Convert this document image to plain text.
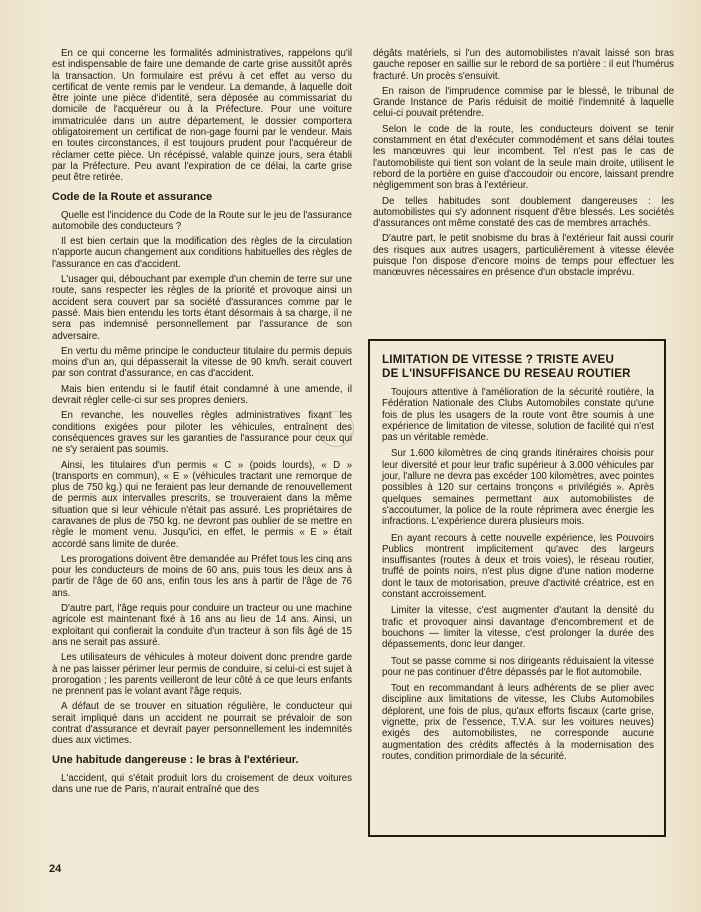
En ce qui concerne les formalités administratives, rappelons qu'il est indispensable de faire une demande de carte grise aussitôt après la transaction. Un formulaire est prévu à cet effet au verso du certificat de vente remis par le vendeur. La demande, à laquelle doit être jointe une pièce d'identité, sera déposée au commissariat du domicile de l'acquéreur ou à la Préfecture. Pour une voiture immatriculée dans un autre département, le dossier comportera obligatoirement un certificat de non-gage fourni par le vendeur. Mais en toutes circonstances, il est toujours prudent pour l'acquéreur de réclamer cette pièce. Un récépissé, valable quinze jours, sera établi par la Préfecture. Peu avant l'expiration de ce délai, la carte grise peut être retirée.

Code de la Route et assurance

Quelle est l'incidence du Code de la Route sur le jeu de l'assurance automobile des conducteurs ?

Il est bien certain que la modification des règles de la circulation n'apporte aucun changement aux conditions habituelles des règles de l'assurance en cas d'accident.

L'usager qui, débouchant par exemple d'un chemin de terre sur une route, sans respecter les règles de la priorité et provoque ainsi un accident sera couvert par sa société d'assurances comme par le passé. Mais bien entendu les torts étant désormais à sa charge, il ne sera pas indemnisé personnellement par l'assurance de son adversaire.

En vertu du même principe le conducteur titulaire du permis depuis moins d'un an, qui dépasserait la vitesse de 90 km/h. serait couvert par son contrat d'assurance, en cas d'accident.

Mais bien entendu si le fautif était condamné à une amende, il devrait régler celle-ci sur ses propres deniers.

En revanche, les nouvelles règles administratives fixant les conditions exigées pour piloter les véhicules, entraînent des conséquences graves sur les garanties de l'assurance pour ceux qui ne s'y seraient pas soumis.

Ainsi, les titulaires d'un permis « C » (poids lourds), « D » (transports en commun), « E » (véhicules tractant une remorque de plus de 750 kg.) qui ne feraient pas leur demande de renouvellement de permis aux intervalles prescrits, se trouveraient dans la même situation que si leur véhicule n'était pas assuré. Les propriétaires de caravanes de plus de 750 kg. ne devront pas oublier de se mettre en règle le moment venu. Jusqu'ici, en effet, le permis « E » était accordé sans limite de durée.

Les prorogations doivent être demandée au Préfet tous les cinq ans pour les conducteurs de moins de 60 ans, puis tous les deux ans à partir de l'âge de 60 ans, enfin tous les ans à partir de l'âge de 76 ans.

D'autre part, l'âge requis pour conduire un tracteur ou une machine agricole est maintenant fixé à 16 ans au lieu de 14 ans. Ainsi, un exploitant qui confierait la conduite d'un tracteur à son fils âgé de 15 ans ne serait pas assuré.

Les utilisateurs de véhicules à moteur doivent donc prendre garde à ne pas laisser périmer leur permis de conduire, si celui-ci est sujet à prorogation ; les parents veilleront de leur côté à ce que leurs enfants ne prennent pas le volant avant l'âge requis.

A défaut de se trouver en situation régulière, le conducteur qui serait impliqué dans un accident ne pourrait se prévaloir de son contrat d'assurance et devrait payer personnellement les indemnités dues aux victimes.

Une habitude dangereuse : le bras à l'extérieur.

L'accident, qui s'était produit lors du croisement de deux voitures dans une rue de Paris, n'aurait entraîné que des

dégâts matériels, si l'un des automobilistes n'avait laissé son bras gauche reposer en saillie sur le rebord de sa portière : il eut l'humérus fracturé. Un procès s'ensuivit.

En raison de l'imprudence commise par le blessé, le tribunal de Grande Instance de Paris réduisit de moitié l'indemnité à laquelle celui-ci pouvait prétendre.

Selon le code de la route, les conducteurs doivent se tenir constamment en état d'exécuter commodément et sans délai toutes les manœuvres qui leur incombent. Tel n'est pas le cas de l'automobiliste qui tient son volant de la seule main droite, utilisent le rebord de la portière en guise d'accoudoir ou encore, laissant prendre négligemment son bras à l'extérieur.

De telles habitudes sont doublement dangereuses : les automobilistes qui s'y adonnent risquent d'être blessés. Les sociétés d'assurances ont même constaté des cas de membres arrachés.

D'autre part, le petit snobisme du bras à l'extérieur fait aussi courir des risques aux autres usagers, particulièrement à vitesse élevée puisque l'on dispose d'encore moins de temps pour effectuer les manœuvres nécessaires en présence d'un obstacle imprévu.

LIMITATION DE VITESSE ? TRISTE AVEU
DE L'INSUFFISANCE DU RESEAU ROUTIER

Toujours attentive à l'amélioration de la sécurité routière, la Fédération Nationale des Clubs Automobiles constate qu'une fois de plus les usagers de la route vont être soumis à une expérience de limitation de vitesse, solution de facilité qui n'est pas un véritable remède.

Sur 1.600 kilomètres de cinq grands itinéraires choisis pour leur diversité et pour leur trafic supérieur à 3.000 véhicules par jour, l'allure ne devra pas excéder 100 kilomètres, avec pointes possibles à 120 sur certains tronçons « privilégiés ». Après quelques semaines permettant aux automobilistes de s'accoutumer, la police de la route réprimera avec énergie les infractions. L'expérience durera plusieurs mois.

En ayant recours à cette nouvelle expérience, les Pouvoirs Publics montrent implicitement qu'avec des largeurs insuffisantes (routes à deux et trois voies), le réseau routier, truffé de points noirs, n'est plus digne d'une nation moderne dont le taux de motorisation, preuve d'activité créatrice, est en constant accroissement.

Limiter la vitesse, c'est augmenter d'autant la densité du trafic et provoquer ainsi davantage d'encombrement et de bouchons — limiter la vitesse, c'est prolonger la durée des dépassements, donc leur danger.

Tout se passe comme si nos dirigeants réduisaient la vitesse pour ne pas continuer d'être dépassés par le flot automobile.

Tout en recommandant à leurs adhérents de se plier avec discipline aux limitations de vitesse, les Clubs Automobiles déplorent, une fois de plus, qu'aux efforts fiscaux (carte grise, vignette, prix de l'essence, T.V.A. sur les voitures neuves) exigés des automobilistes, ne corresponde aucune augmentation des crédits affectés à la modernisation des routes, condition primordiale de la sécurité.

24
